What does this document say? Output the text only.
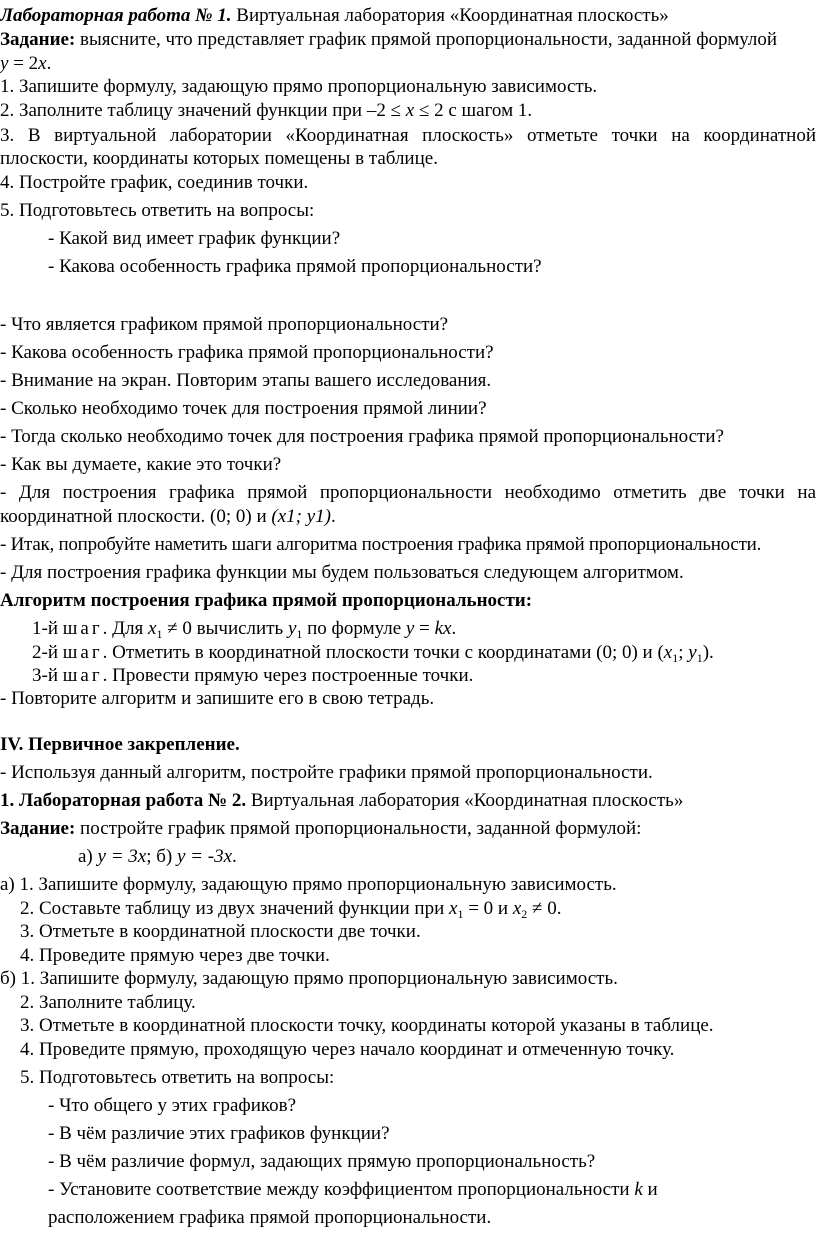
Лабораторная работа № 1. Виртуальная лаборатория «Координатная плоскость»
Задание: выясните, что представляет график прямой пропорциональности, заданной формулой
y = 2x.
1. Запишите формулу, задающую прямо пропорциональную зависимость.
2. Заполните таблицу значений функции при –2 ≤ x ≤ 2 с шагом 1.
3. В виртуальной лаборатории «Координатная плоскость» отметьте точки на координатной
плоскости, координаты которых помещены в таблице.
4. Постройте график, соединив точки.
5. Подготовьтесь ответить на вопросы:
- Какой вид имеет график функции?
- Какова особенность графика прямой пропорциональности?
- Что является графиком прямой пропорциональности?
- Какова особенность графика прямой пропорциональности?
- Внимание на экран. Повторим этапы вашего исследования.
- Сколько необходимо точек для построения прямой линии?
- Тогда сколько необходимо точек для построения графика прямой пропорциональности?
- Как вы думаете, какие это точки?
- Для построения графика прямой пропорциональности необходимо отметить две точки на
координатной плоскости. (0; 0) и (x1; y1).
- Итак, попробуйте наметить шаги алгоритма построения графика прямой пропорциональности.
- Для построения графика функции мы будем пользоваться следующем алгоритмом.
Алгоритм построения графика прямой пропорциональности:
1-й шаг. Для $x_1 \ne 0$ вычислить $y_1$ по формуле y = kx.
2-й шаг. Отметить в координатной плоскости точки с координатами (0; 0) и ($x_1$; $y_1$).
3-й шаг. Провести прямую через построенные точки.
- Повторите алгоритм и запишите его в свою тетрадь.
IV. Первичное закрепление.
- Используя данный алгоритм, постройте графики прямой пропорциональности.
1. Лабораторная работа № 2. Виртуальная лаборатория «Координатная плоскость»
Задание: постройте график прямой пропорциональности, заданной формулой:
а) y = 3x; б) y = -3x.
а) 1. Запишите формулу, задающую прямо пропорциональную зависимость.
2. Составьте таблицу из двух значений функции при $x_1 = 0$ и $x_2 \ne 0$.
3. Отметьте в координатной плоскости две точки.
4. Проведите прямую через две точки.
б) 1. Запишите формулу, задающую прямо пропорциональную зависимость.
2. Заполните таблицу.
3. Отметьте в координатной плоскости точку, координаты которой указаны в таблице.
4. Проведите прямую, проходящую через начало координат и отмеченную точку.
5. Подготовьтесь ответить на вопросы:
- Что общего у этих графиков?
- В чём различие этих графиков функции?
- В чём различие формул, задающих прямую пропорциональность?
- Установите соответствие между коэффициентом пропорциональности k и
расположением графика прямой пропорциональности.
